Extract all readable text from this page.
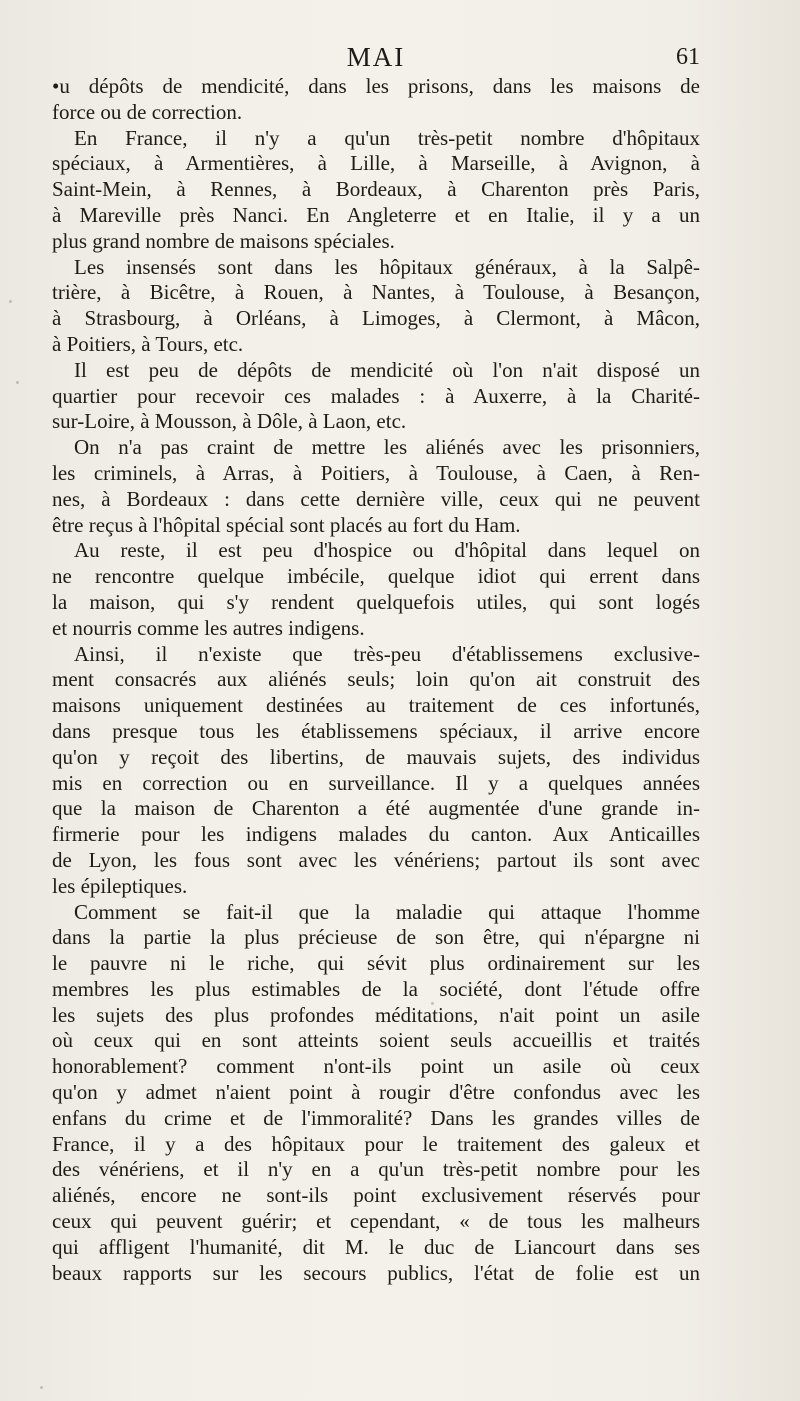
MAI	61

•u dépôts de mendicité, dans les prisons, dans les maisons de

force ou de correction.

En France, il n'y a qu'un très-petit nombre d'hôpitaux

spéciaux, à Armentières, à Lille, à Marseille, à Avignon, à

Saint-Mein, à Rennes, à Bordeaux, à Charenton près Paris,

à Mareville près Nanci. En Angleterre et en Italie, il y a un

plus grand nombre de maisons spéciales.

Les insensés sont dans les hôpitaux généraux, à la Salpê-

trière, à Bicêtre, à Rouen, à Nantes, à Toulouse, à Besançon,

à Strasbourg, à Orléans, à Limoges, à Clermont, à Mâcon,

à Poitiers, à Tours, etc.

Il est peu de dépôts de mendicité où l'on n'ait disposé un

quartier pour recevoir ces malades : à Auxerre, à la Charité-

sur-Loire, à Mousson, à Dôle, à Laon, etc.

On n'a pas craint de mettre les aliénés avec les prisonniers,

les criminels, à Arras, à Poitiers, à Toulouse, à Caen, à Ren-

nes, à Bordeaux : dans cette dernière ville, ceux qui ne peuvent

être reçus à l'hôpital spécial sont placés au fort du Ham.

Au reste, il est peu d'hospice ou d'hôpital dans lequel on

ne rencontre quelque imbécile, quelque idiot qui errent dans

la maison, qui s'y rendent quelquefois utiles, qui sont logés

et nourris comme les autres indigens.

Ainsi, il n'existe que très-peu d'établissemens exclusive-

ment consacrés aux aliénés seuls; loin qu'on ait construit des

maisons uniquement destinées au traitement de ces infortunés,

dans presque tous les établissemens spéciaux, il arrive encore

qu'on y reçoit des libertins, de mauvais sujets, des individus

mis en correction ou en surveillance. Il y a quelques années

que la maison de Charenton a été augmentée d'une grande in-

firmerie pour les indigens malades du canton. Aux Anticailles

de Lyon, les fous sont avec les vénériens; partout ils sont avec

les épileptiques.

Comment se fait-il que la maladie qui attaque l'homme

dans la partie la plus précieuse de son être, qui n'épargne ni

le pauvre ni le riche, qui sévit plus ordinairement sur les

membres les plus estimables de la société, dont l'étude offre

les sujets des plus profondes méditations, n'ait point un asile

où ceux qui en sont atteints soient seuls accueillis et traités

honorablement? comment n'ont-ils point un asile où ceux

qu'on y admet n'aient point à rougir d'être confondus avec les

enfans du crime et de l'immoralité? Dans les grandes villes de

France, il y a des hôpitaux pour le traitement des galeux et

des vénériens, et il n'y en a qu'un très-petit nombre pour les

aliénés, encore ne sont-ils point exclusivement réservés pour

ceux qui peuvent guérir; et cependant, « de tous les malheurs

qui affligent l'humanité, dit M. le duc de Liancourt dans ses

beaux rapports sur les secours publics, l'état de folie est un
